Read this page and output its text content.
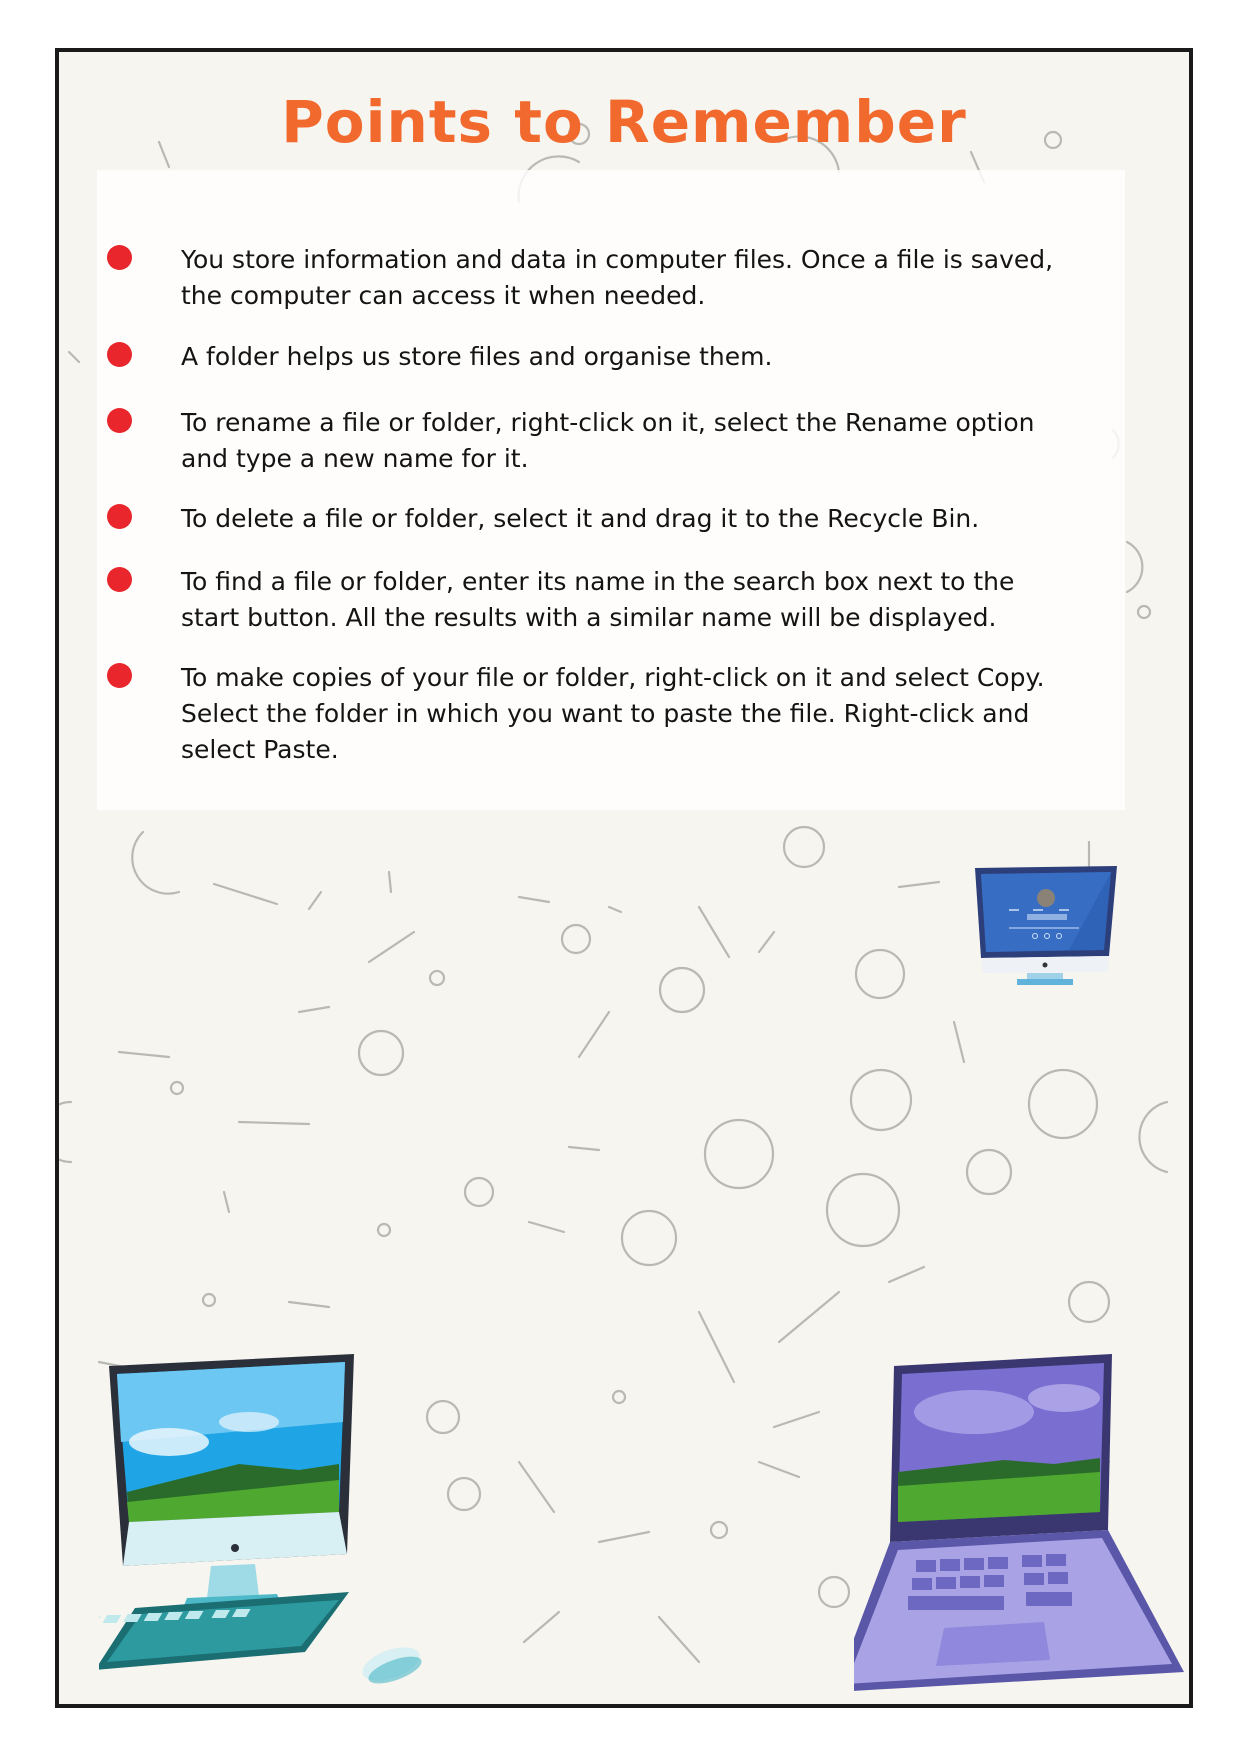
Points to Remember
You store information and data in computer files. Once a file is saved,
the computer can access it when needed.
A folder helps us store files and organise them.
To rename a file or folder, right-click on it, select the Rename option
and type a new name for it.
To delete a file or folder, select it and drag it to the Recycle Bin.
To find a file or folder, enter its name in the search box next to the
start button. All the results with a similar name will be displayed.
To make copies of your file or folder, right-click on it and select Copy.
Select the folder in which you want to paste the file. Right-click and
select Paste.
